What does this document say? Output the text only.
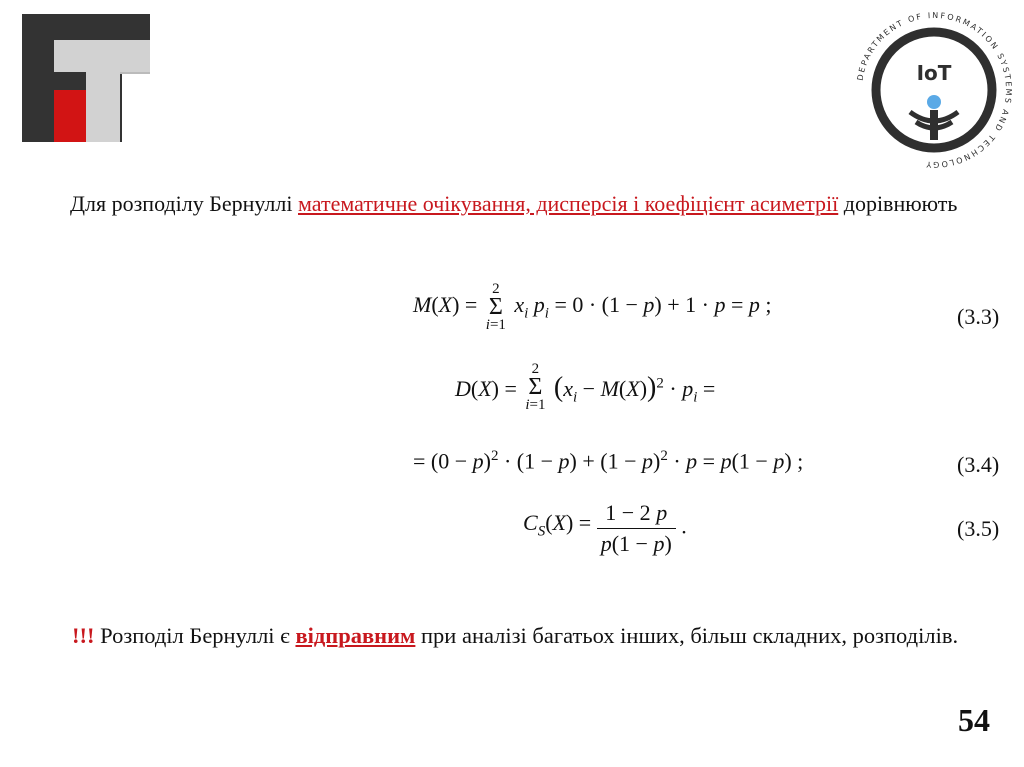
DEPARTMENT OF INFORMATION SYSTEMS AND TECHNOLOGY
IoT
Для розподілу Бернуллі математичне очікування, дисперсія і коефіцієнт асиметрії дорівнюють
M(X) =
2
Σ
i=1
$x_i$ $p_i = 0 \cdot (1 - p) + 1 \cdot p = p$ ;	(3.3)
D(X) =
2
Σ
i=1
$(x_i - M(X))^2 \cdot p_i$ =
= $(0 - p)^2 \cdot (1 - p) + (1 - p)^2 \cdot p = p(1 - p)$ ;	(3.4)
$C_S(X) = \frac{1 - 2 p}{p(1 - p)}$ .	(3.5)
!!! Розподіл Бернуллі є відправним при аналізі багатьох інших, більш складних, розподілів.
54
